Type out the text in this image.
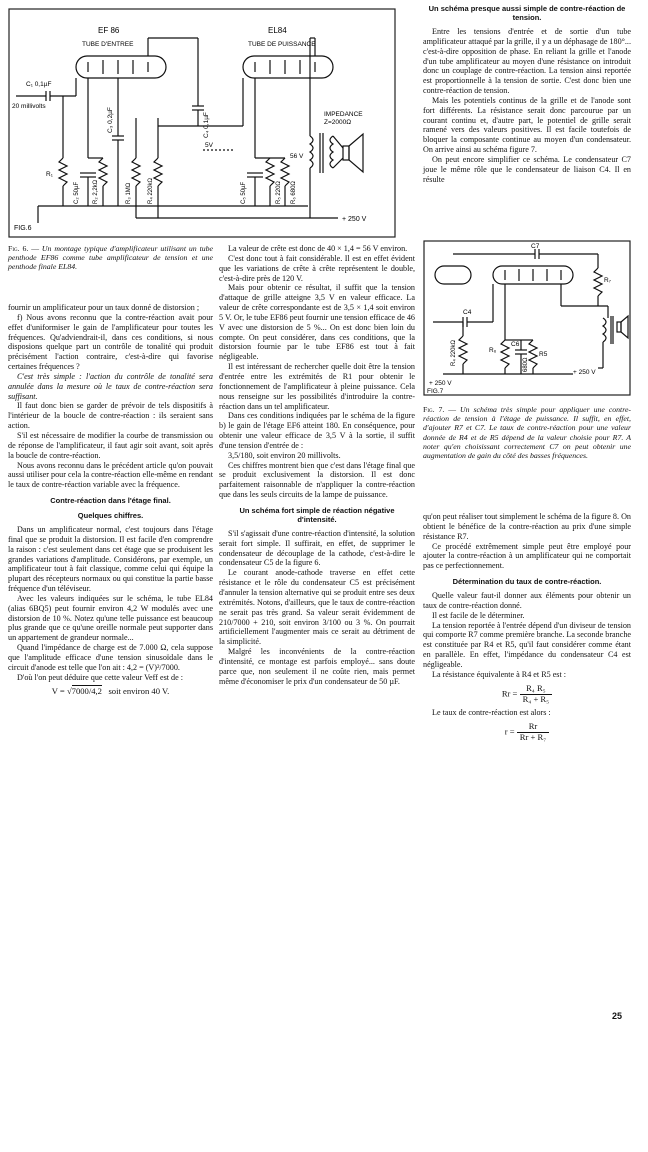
EF 86
TUBE D'ENTREE
EL84
TUBE DE PUISSANCE
C₁ 0,1µF
20 millivolts
C₃ 0,2µF	C₄ 0,1µF	IMPEDANCE
Z=2000Ω
56 V
5V
R₁
C₂ 50µF R₂ 2,2kΩ	R₃ 1MΩ	R₄ 220kΩ	C₅ 50µF	R₅ 220Ω R₆ 680Ω
+ 250 V
FIG.6
Fig. 6. — Un montage typique d'amplificateur utilisant un tube penthode EF86 comme tube amplificateur de tension et une penthode finale EL84.

fournir un amplificateur pour un taux donné de distorsion ;

f) Nous avons reconnu que la contre-réaction avait pour effet d'uniformiser le gain de l'amplificateur pour toutes les fréquences. Qu'adviendrait-il, dans ces conditions, si nous disposions quelque part un contrôle de tonalité qui produit précisément l'action contraire, c'est-à-dire qui favorise certaines fréquences ?

C'est très simple : l'action du contrôle de tonalité sera annulée dans la mesure où le taux de contre-réaction sera suffisant.

Il faut donc bien se garder de prévoir de tels dispositifs à l'intérieur de la boucle de contre-réaction : ils seraient sans action.

S'il est nécessaire de modifier la courbe de transmission ou de réponse de l'amplificateur, il faut agir soit avant, soit après la boucle de contre-réaction.

Nous avons reconnu dans le précédent article qu'on pouvait aussi utiliser pour cela la contre-réaction elle-même en rendant le taux de contre-réaction variable avec la fréquence.

Contre-réaction dans l'étage final.
Quelques chiffres.

Dans un amplificateur normal, c'est toujours dans l'étage final que se produit la distorsion. Il est facile d'en comprendre la raison : c'est seulement dans cet étage que se produisent les grandes variations d'amplitude. Considérons, par exemple, un amplificateur tout à fait classique, comme celui qui équipe la plupart des récepteurs normaux ou qui constitue la partie basse fréquence d'un téléviseur.

Avec les valeurs indiquées sur le schéma, le tube EL84 (alias 6BQ5) peut fournir environ 4,2 W modulés avec une distorsion de 10 %. Notez qu'une telle puissance est beaucoup plus grande que ce qu'une oreille normale peut supporter dans un appartement de grandeur normale...

Quand l'impédance de charge est de 7.000 Ω, cela suppose que l'amplitude efficace d'une tension sinusoïdale dans le circuit d'anode est telle que l'on ait : 4,2 = (V)²/7000.

D'où l'on peut déduire que cette valeur Veff est de :

V = √7000/4,2 soit environ 40 V.

La valeur de crête est donc de 40 × 1,4 = 56 V environ.

C'est donc tout à fait considérable. Il est en effet évident que les variations de crête à crête représentent le double, c'est-à-dire près de 120 V.

Mais pour obtenir ce résultat, il suffit que la tension d'attaque de grille atteigne 3,5 V en valeur efficace. La valeur de crête correspondante est de 3,5 × 1,4 soit environ 5 V. Or, le tube EF86 peut fournir une tension efficace de 46 V avec une distorsion de 5 %... On est donc bien loin du compte. On peut considérer, dans ces conditions, que la distorsion fournie par le tube EF86 est tout à fait négligeable.

Il est intéressant de rechercher quelle doit être la tension d'entrée entre les extrémités de R1 pour obtenir le fonctionnement de l'amplificateur à pleine puissance. Cela nous renseigne sur les possibilités d'introduire la contre-réaction dans un tel amplificateur.

Dans ces conditions indiquées par le schéma de la figure b) le gain de l'étage EF6 atteint 180. En conséquence, pour obtenir une valeur efficace de 3,5 V à la sortie, il suffit d'une tension d'entrée de :

3,5/180, soit environ 20 millivolts.

Ces chiffres montrent bien que c'est dans l'étage final que se produit exclusivement la distorsion. Il est donc parfaitement raisonnable de n'appliquer la contre-réaction que dans les seuls circuits de la lampe de puissance.

Un schéma fort simple de réaction négative d'intensité.

S'il s'agissait d'une contre-réaction d'intensité, la solution serait fort simple. Il suffirait, en effet, de supprimer le condensateur de découplage de la cathode, c'est-à-dire le condensateur C5 de la figure 6.

Le courant anode-cathode traverse en effet cette résistance et le rôle du condensateur C5 est précisément d'annuler la tension alternative qui se produit entre ses deux extrémités. Notons, d'ailleurs, que le taux de contre-réaction ne serait pas très grand. Sa valeur serait évidemment de 210/7000 + 210, soit environ 3/100 ou 3 %. On pourrait artificiellement l'augmenter mais ce serait au détriment de la simplicité.

Malgré les inconvénients de la contre-réaction d'intensité, ce montage est parfois employé... sans doute parce que, non seulement il ne coûte rien, mais permet même d'économiser le prix d'un condensateur de 50 µF.

Un schéma presque aussi simple de contre-réaction de tension.

Entre les tensions d'entrée et de sortie d'un tube amplificateur attaqué par la grille, il y a un déphasage de 180°... c'est-à-dire opposition de phase. En reliant la grille et l'anode d'un tube amplificateur au moyen d'une résistance on introduit donc un couplage de contre-réaction. La tension ainsi reportée est proportionnelle à la tension de sortie. C'est donc bien une contre-réaction de tension.

Mais les potentiels continus de la grille et de l'anode sont fort différents. La résistance serait donc parcourue par un courant continu et, d'autre part, le potentiel de grille serait ramené vers des valeurs positives. Il est facile toutefois de bloquer la composante continue au moyen d'un condensateur. On arrive ainsi au schéma figure 7.

On peut encore simplifier ce schéma. Le condensateur C7 joue le même rôle que le condensateur de liaison C4. Il en résulte

C7
R₇
C4
R₄ 220kΩ	R₆
C6
680Ω
R5
+ 250 V
+ 250 V
FIG.7
Fig. 7. — Un schéma très simple pour appliquer une contre-réaction de tension à l'étage de puissance. Il suffit, en effet, d'ajouter R7 et C7. Le taux de contre-réaction pour une valeur donnée de R4 et de R5 dépend de la valeur choisie pour R7. A noter qu'en choisissant correctement C7 on peut obtenir une augmentation de gain du côté des basses fréquences.

qu'on peut réaliser tout simplement le schéma de la figure 8. On obtient le bénéfice de la contre-réaction au prix d'une simple résistance R7.

Ce procédé extrêmement simple peut être employé pour ajouter la contre-réaction à un amplificateur qui ne comportait pas ce perfectionnement.

Détermination du taux de contre-réaction.

Quelle valeur faut-il donner aux éléments pour obtenir un taux de contre-réaction donné.

Il est facile de le déterminer.

La tension reportée à l'entrée dépend d'un diviseur de tension qui comporte R7 comme première branche. La seconde branche est constituée par R4 et R5, qu'il faut considérer comme étant en parallèle. En effet, l'impédance du condensateur C4 est négligeable.

La résistance équivalente à R4 et R5 est :

$Rr = \frac{\text{R₄ R₅}}{\text{R₄ + R₅}}$

Le taux de contre-réaction est alors :

$r = \frac{Rr}{\text{Rr + R₇}}$
25
